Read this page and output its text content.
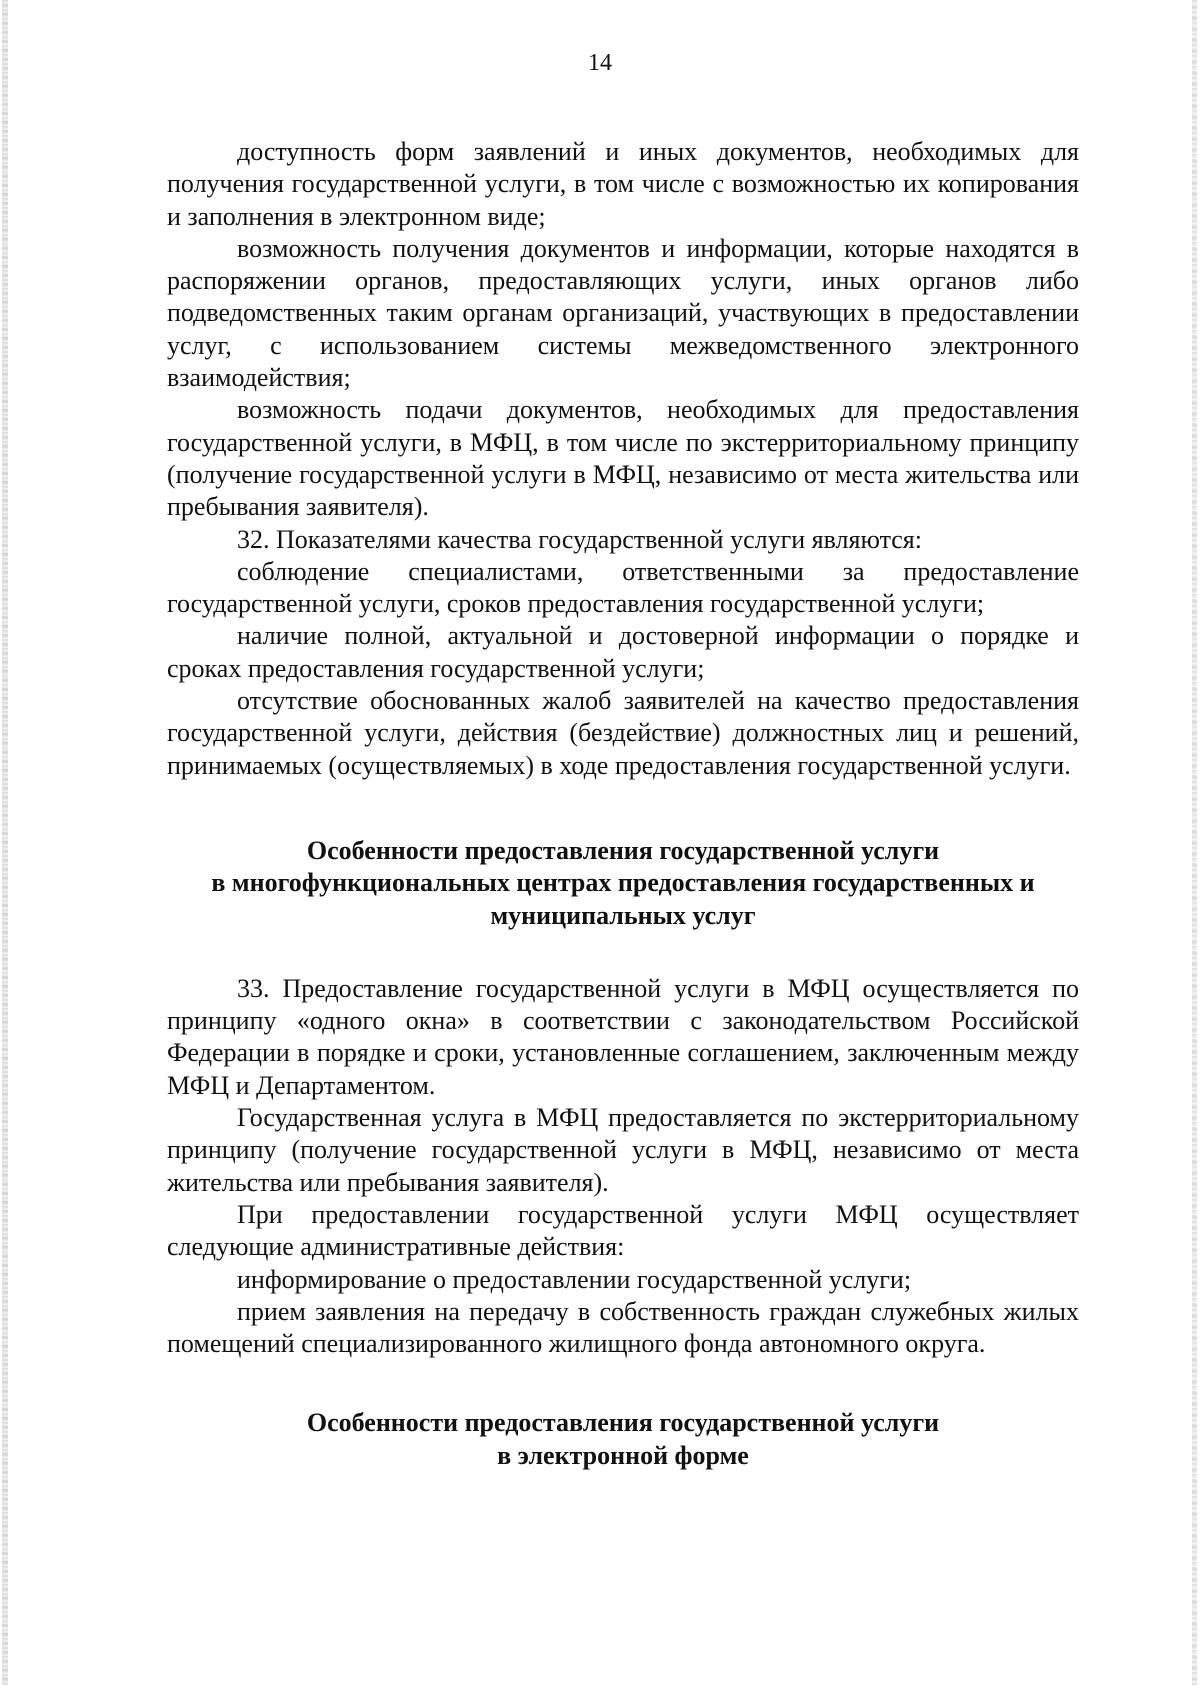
14

доступность форм заявлений и иных документов, необходимых для получения государственной услуги, в том числе с возможностью их копирования и заполнения в электронном виде;

возможность получения документов и информации, которые находятся в распоряжении органов, предоставляющих услуги, иных органов либо подведомственных таким органам организаций, участвующих в предоставлении услуг, с использованием системы межведомственного электронного взаимодействия;

возможность подачи документов, необходимых для предоставления государственной услуги, в МФЦ, в том числе по экстерриториальному принципу (получение государственной услуги в МФЦ, независимо от места жительства или пребывания заявителя).

32. Показателями качества государственной услуги являются:

соблюдение специалистами, ответственными за предоставление государственной услуги, сроков предоставления государственной услуги;

наличие полной, актуальной и достоверной информации о порядке и сроках предоставления государственной услуги;

отсутствие обоснованных жалоб заявителей на качество предоставления государственной услуги, действия (бездействие) должностных лиц и решений, принимаемых (осуществляемых) в ходе предоставления государственной услуги.

Особенности предоставления государственной услуги
в многофункциональных центрах предоставления государственных и
муниципальных услуг

33. Предоставление государственной услуги в МФЦ осуществляется по принципу «одного окна» в соответствии с законодательством Российской Федерации в порядке и сроки, установленные соглашением, заключенным между МФЦ и Департаментом.

Государственная услуга в МФЦ предоставляется по экстерриториальному принципу (получение государственной услуги в МФЦ, независимо от места жительства или пребывания заявителя).

При предоставлении государственной услуги МФЦ осуществляет следующие административные действия:

информирование о предоставлении государственной услуги;

прием заявления на передачу в собственность граждан служебных жилых помещений специализированного жилищного фонда автономного округа.

Особенности предоставления государственной услуги
в электронной форме
